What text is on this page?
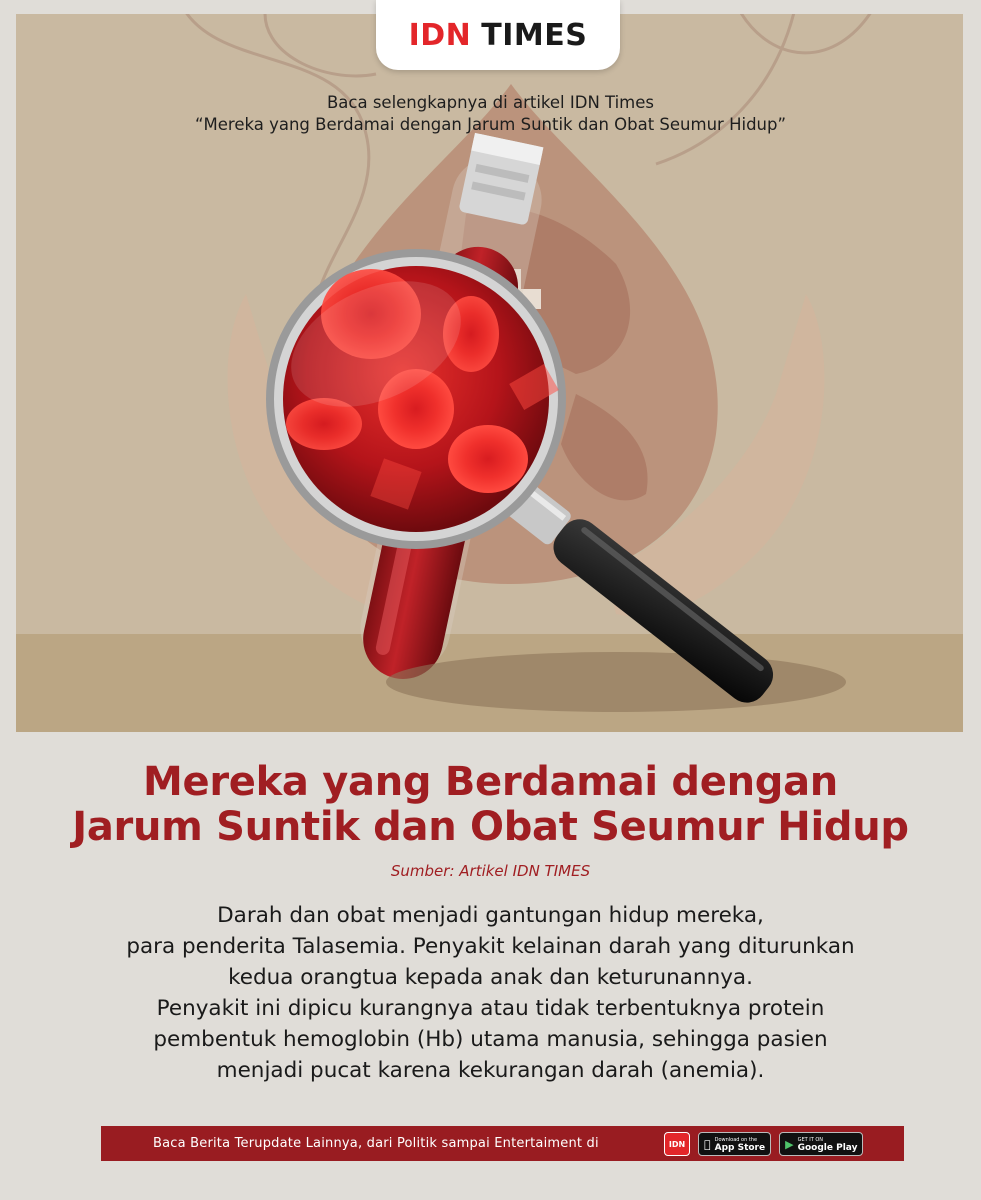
IDN TIMES
Baca selengkapnya di artikel IDN Times
“Mereka yang Berdamai dengan Jarum Suntik dan Obat Seumur Hidup”
Mereka yang Berdamai dengan
Jarum Suntik dan Obat Seumur Hidup
Sumber: Artikel IDN TIMES
Darah dan obat menjadi gantungan hidup mereka,
para penderita Talasemia. Penyakit kelainan darah yang diturunkan
kedua orangtua kepada anak dan keturunannya.
Penyakit ini dipicu kurangnya atau tidak terbentuknya protein
pembentuk hemoglobin (Hb) utama manusia, sehingga pasien
menjadi pucat karena kekurangan darah (anemia).
Baca Berita Terupdate Lainnya, dari Politik sampai Entertaiment di	IDN	Download on the
App Store ▶ GET IT ON
Google Play
